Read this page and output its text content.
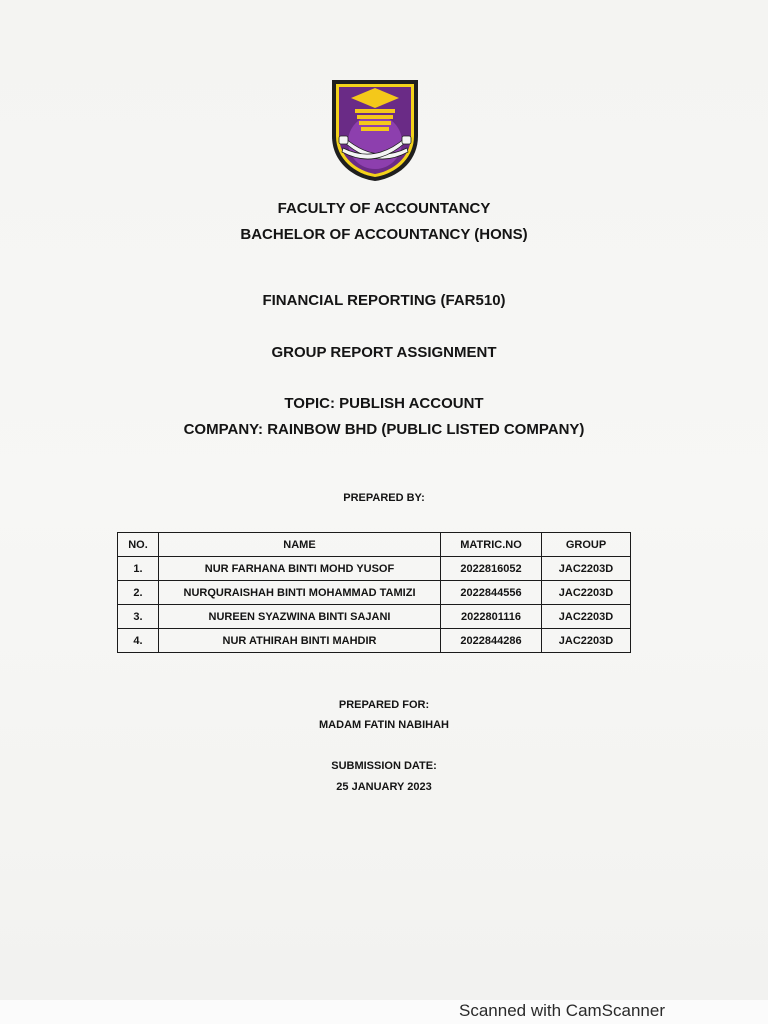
FACULTY OF ACCOUNTANCY
BACHELOR OF ACCOUNTANCY (HONS)
FINANCIAL REPORTING (FAR510)
GROUP REPORT ASSIGNMENT
TOPIC: PUBLISH ACCOUNT
COMPANY: RAINBOW BHD (PUBLIC LISTED COMPANY)
PREPARED BY:
NO.	NAME	MATRIC.NO	GROUP
1.	NUR FARHANA BINTI MOHD YUSOF	2022816052	JAC2203D
2.	NURQURAISHAH BINTI MOHAMMAD TAMIZI	2022844556	JAC2203D
3.	NUREEN SYAZWINA BINTI SAJANI	2022801116	JAC2203D
4.	NUR ATHIRAH BINTI MAHDIR	2022844286	JAC2203D
PREPARED FOR:
MADAM FATIN NABIHAH
SUBMISSION DATE:
25 JANUARY 2023
Scanned with CamScanner
